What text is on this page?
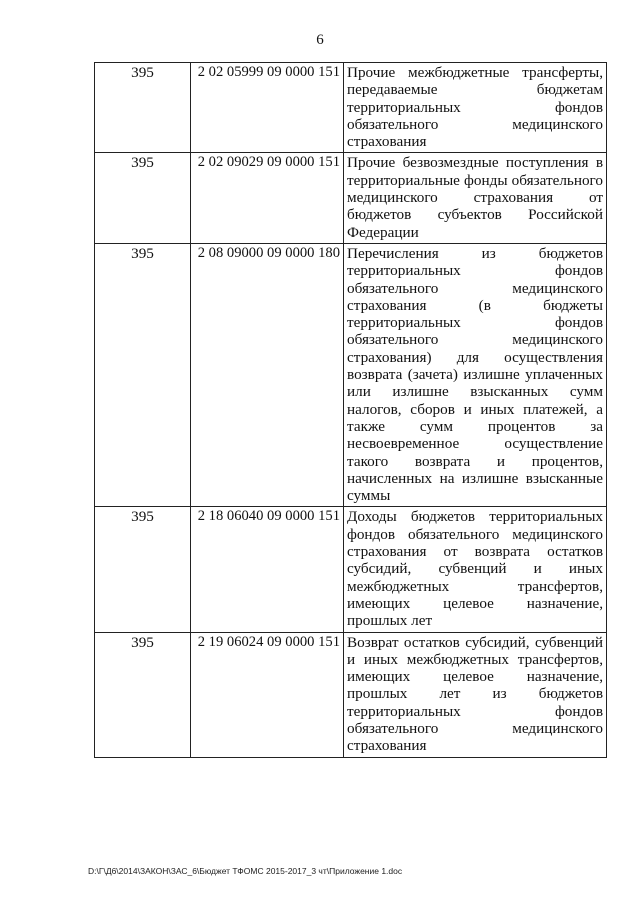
6
395	2 02 05999 09 0000 151	Прочие межбюджетные трансферты, передаваемые бюджетам территориальных фондов обязательного медицинского страхования
395	2 02 09029 09 0000 151	Прочие безвозмездные поступления в территориальные фонды обязательного медицинского страхования от бюджетов субъектов Российской Федерации
395	2 08 09000 09 0000 180	Перечисления из бюджетов территориальных фондов обязательного медицинского страхования (в бюджеты территориальных фондов обязательного медицинского страхования) для осуществления возврата (зачета) излишне уплаченных или излишне взысканных сумм налогов, сборов и иных платежей, а также сумм процентов за несвоевременное осуществление такого возврата и процентов, начисленных на излишне взысканные суммы
395	2 18 06040 09 0000 151	Доходы бюджетов территориальных фондов обязательного медицинского страхования от возврата остатков субсидий, субвенций и иных межбюджетных трансфертов, имеющих целевое назначение, прошлых лет
395	2 19 06024 09 0000 151	Возврат остатков субсидий, субвенций и иных межбюджетных трансфертов, имеющих целевое назначение, прошлых лет из бюджетов территориальных фондов обязательного медицинского страхования
D:\Г\Д6\2014\ЗАКОН\ЗАС_6\Бюджет ТФОМС 2015-2017_3 чт\Приложение 1.doc
